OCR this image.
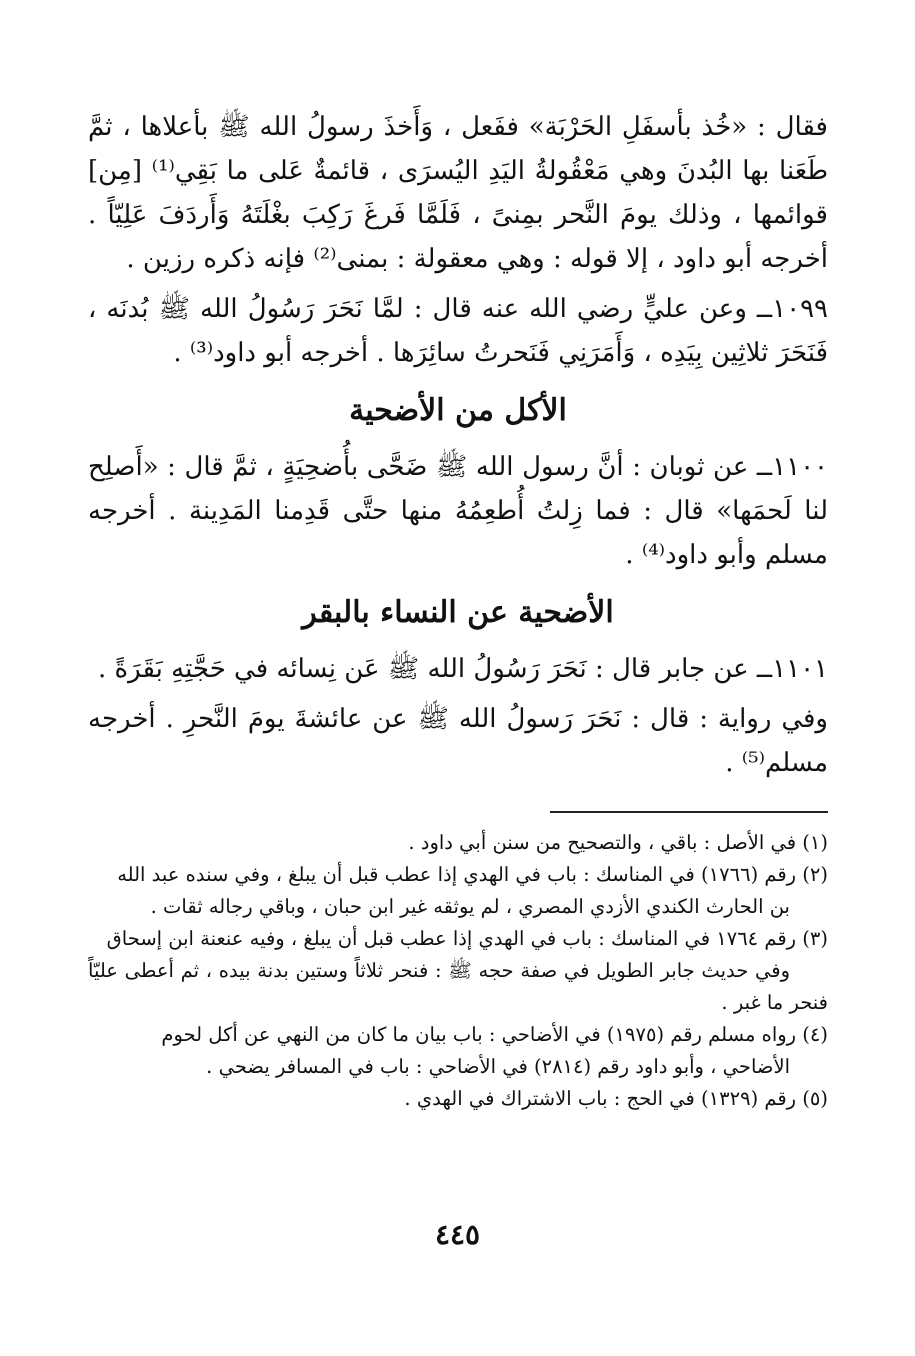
فقال : «خُذ بأسفَلِ الحَرْبَة» ففَعل ، وَأَخذَ رسولُ الله ﷺ بأعلاها ، ثمَّ طَعَنا بها البُدنَ وهي مَعْقُولةُ اليَدِ اليُسرَى ، قائمةٌ عَلى ما بَقِي⁽¹⁾ [مِن] قوائمها ، وذلك يومَ النَّحر بمِنىً ، فَلَمَّا فَرغَ رَكِبَ بغْلَتَهُ وَأَردَفَ عَلِيّاً . أخرجه أبو داود ، إلا قوله : وهي معقولة : بمنى⁽²⁾ فإنه ذكره رزين .

١٠٩٩ــ وعن عليٍّ رضي الله عنه قال : لمَّا نَحَرَ رَسُولُ الله ﷺ بُدنَه ، فَنَحَرَ ثلاثِين بِيَدِه ، وَأَمَرَنِي فَنَحرتُ سائِرَها . أخرجه أبو داود⁽³⁾ .

الأكل من الأضحية

١١٠٠ــ عن ثوبان : أنَّ رسول الله ﷺ ضَحَّى بأُضحِيَةٍ ، ثمَّ قال : «أَصلِح لنا لَحمَها» قال : فما زِلتُ أُطعِمُهُ منها حتَّى قَدِمنا المَدِينة . أخرجه مسلم وأبو داود⁽⁴⁾ .

الأضحية عن النساء بالبقر

١١٠١ــ عن جابر قال : نَحَرَ رَسُولُ الله ﷺ عَن نِسائه في حَجَّتِهِ بَقَرَةً .

وفي رواية : قال : نَحَرَ رَسولُ الله ﷺ عن عائشةَ يومَ النَّحرِ . أخرجه مسلم⁽⁵⁾ .

(١) في الأصل : باقي ، والتصحيح من سنن أبي داود .

(٢) رقم (١٧٦٦) في المناسك : باب في الهدي إذا عطب قبل أن يبلغ ، وفي سنده عبد الله
بن الحارث الكندي الأزدي المصري ، لم يوثقه غير ابن حبان ، وباقي رجاله ثقات .

(٣) رقم ١٧٦٤ في المناسك : باب في الهدي إذا عطب قبل أن يبلغ ، وفيه عنعنة ابن إسحاق
وفي حديث جابر الطويل في صفة حجه ﷺ : فنحر ثلاثاً وستين بدنة بيده ، ثم أعطى عليّاً فنحر ما غبر .

(٤) رواه مسلم رقم (١٩٧٥) في الأضاحي : باب بيان ما كان من النهي عن أكل لحوم
الأضاحي ، وأبو داود رقم (٢٨١٤) في الأضاحي : باب في المسافر يضحي .

(٥) رقم (١٣٢٩) في الحج : باب الاشتراك في الهدي .

٤٤٥
